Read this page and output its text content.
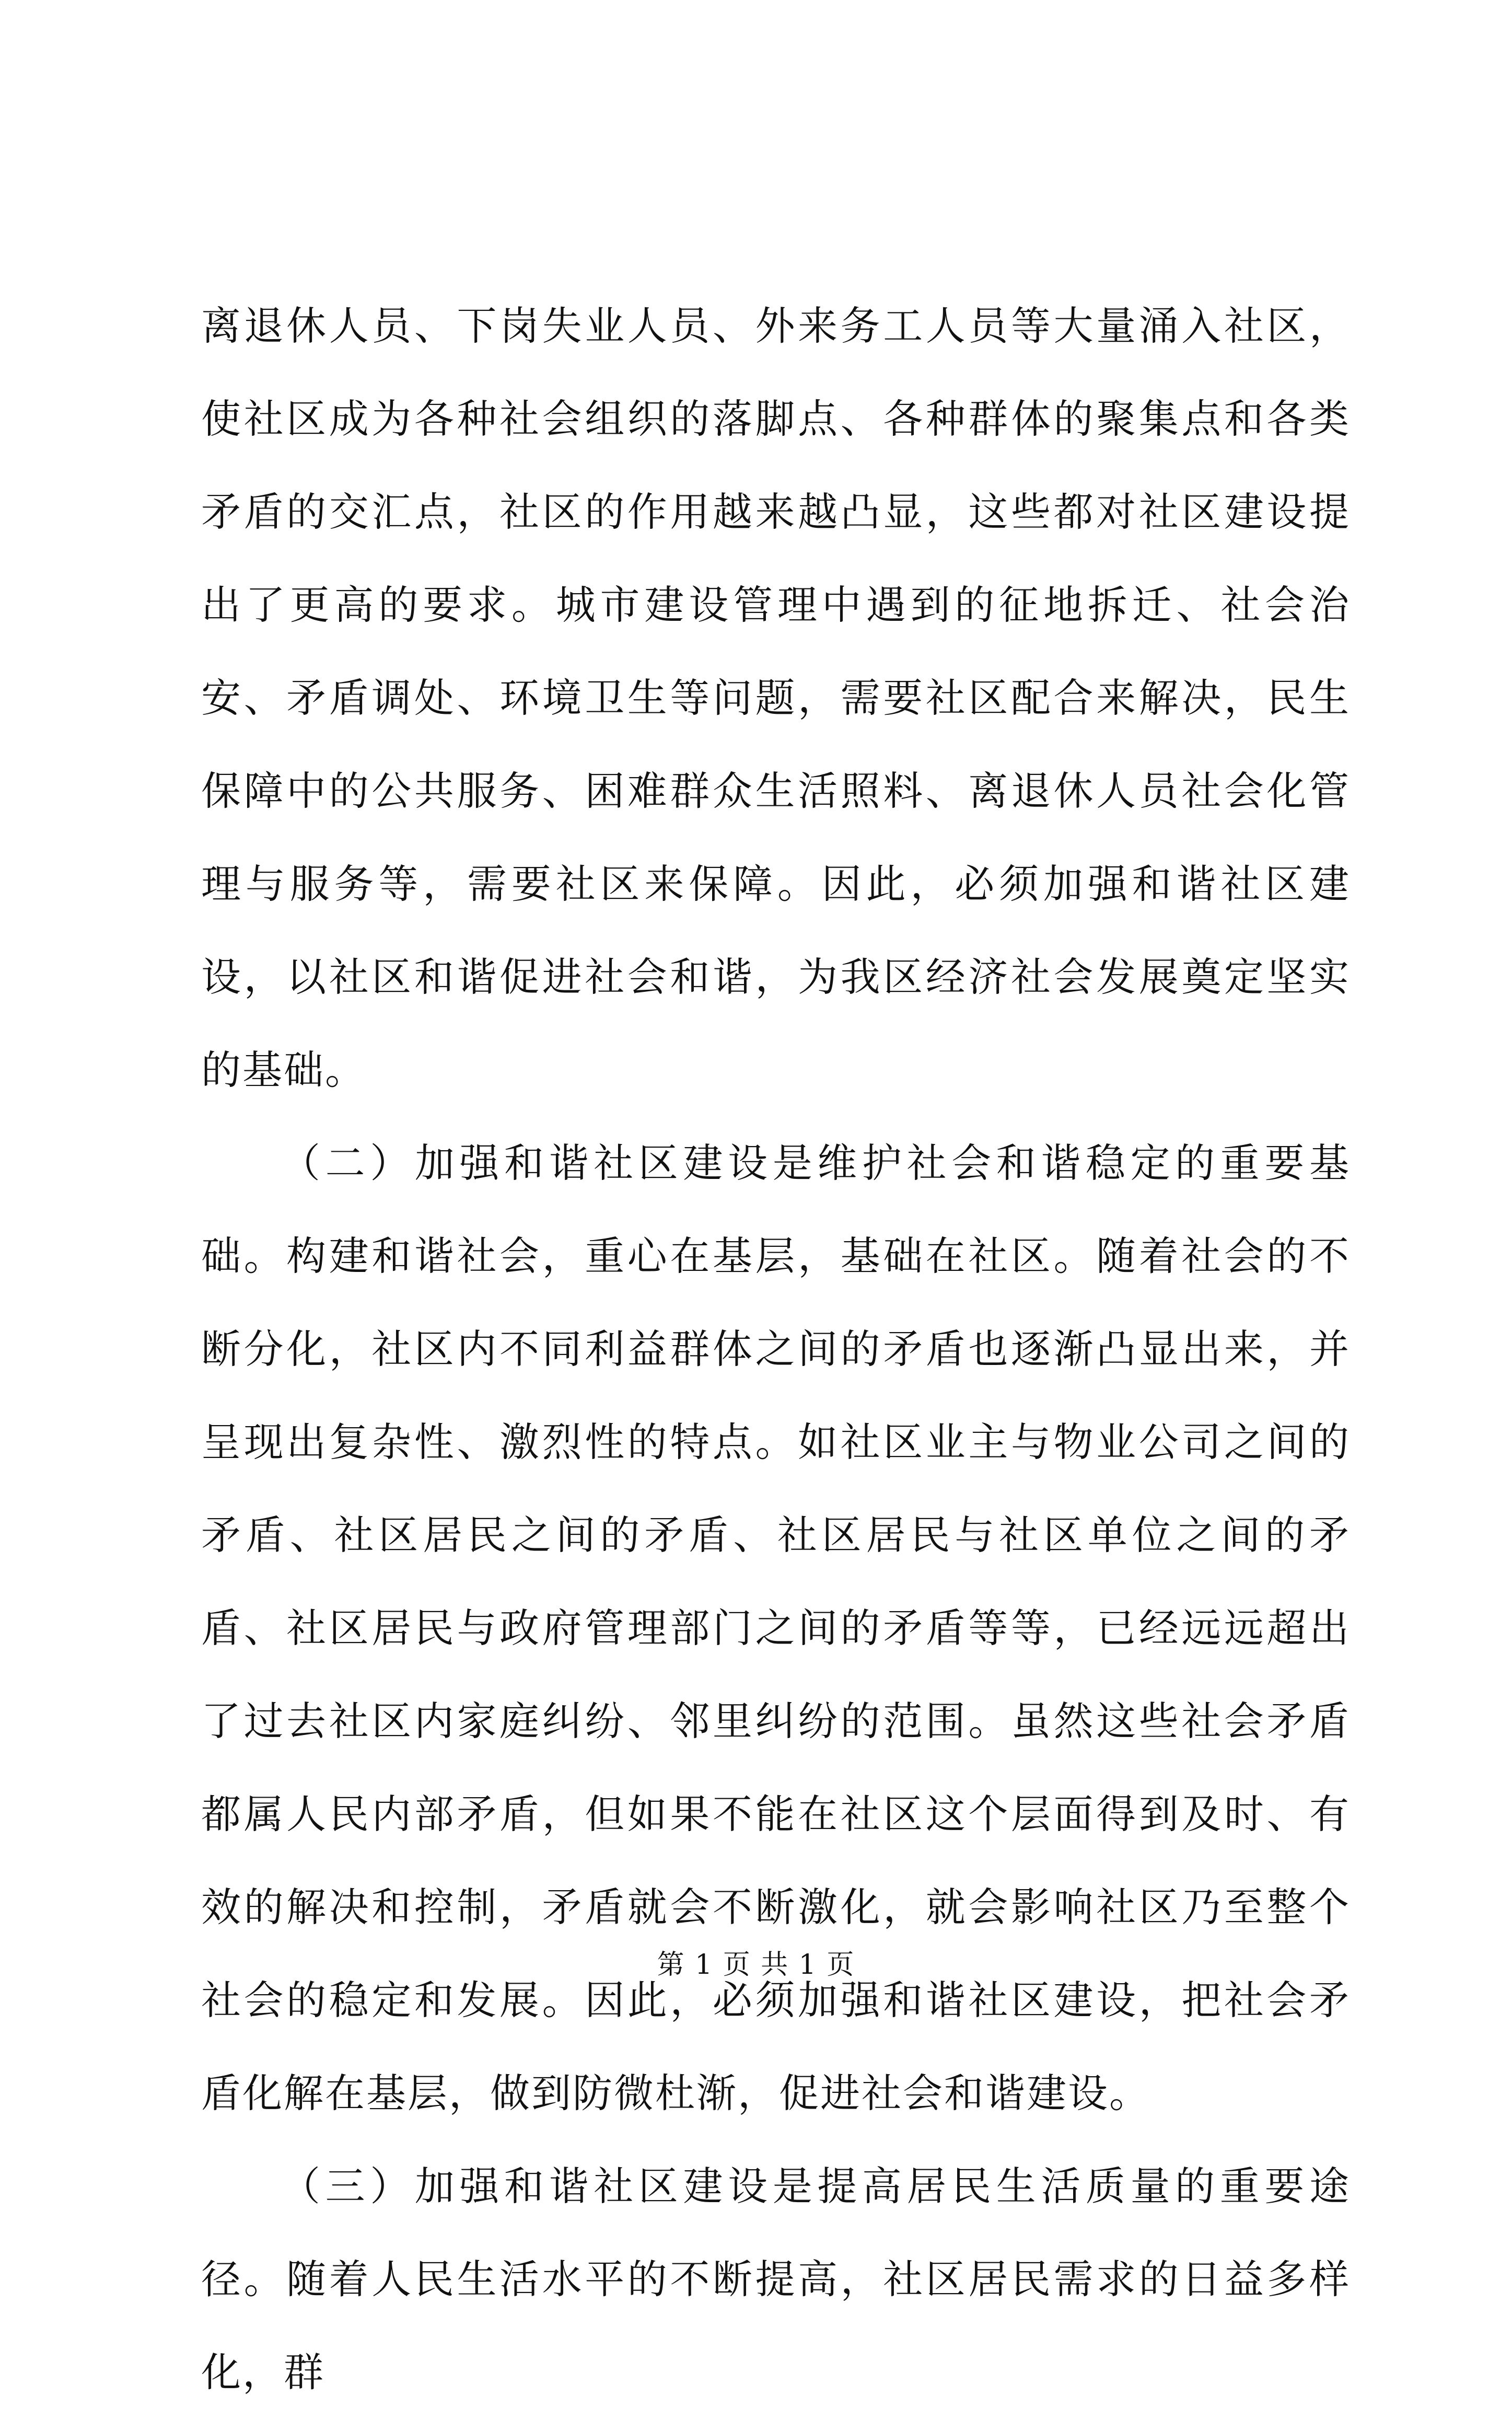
离退休人员、下岗失业人员、外来务工人员等大量涌入社区，使社区成为各种社会组织的落脚点、各种群体的聚集点和各类矛盾的交汇点，社区的作用越来越凸显，这些都对社区建设提出了更高的要求。城市建设管理中遇到的征地拆迁、社会治安、矛盾调处、环境卫生等问题，需要社区配合来解决，民生保障中的公共服务、困难群众生活照料、离退休人员社会化管理与服务等，需要社区来保障。因此，必须加强和谐社区建设，以社区和谐促进社会和谐，为我区经济社会发展奠定坚实的基础。

（二）加强和谐社区建设是维护社会和谐稳定的重要基础。构建和谐社会，重心在基层，基础在社区。随着社会的不断分化，社区内不同利益群体之间的矛盾也逐渐凸显出来，并呈现出复杂性、激烈性的特点。如社区业主与物业公司之间的矛盾、社区居民之间的矛盾、社区居民与社区单位之间的矛盾、社区居民与政府管理部门之间的矛盾等等，已经远远超出了过去社区内家庭纠纷、邻里纠纷的范围。虽然这些社会矛盾都属人民内部矛盾，但如果不能在社区这个层面得到及时、有效的解决和控制，矛盾就会不断激化，就会影响社区乃至整个社会的稳定和发展。因此，必须加强和谐社区建设，把社会矛盾化解在基层，做到防微杜渐，促进社会和谐建设。

（三）加强和谐社区建设是提高居民生活质量的重要途径。随着人民生活水平的不断提高，社区居民需求的日益多样化，群

第 1 页 共 1 页
